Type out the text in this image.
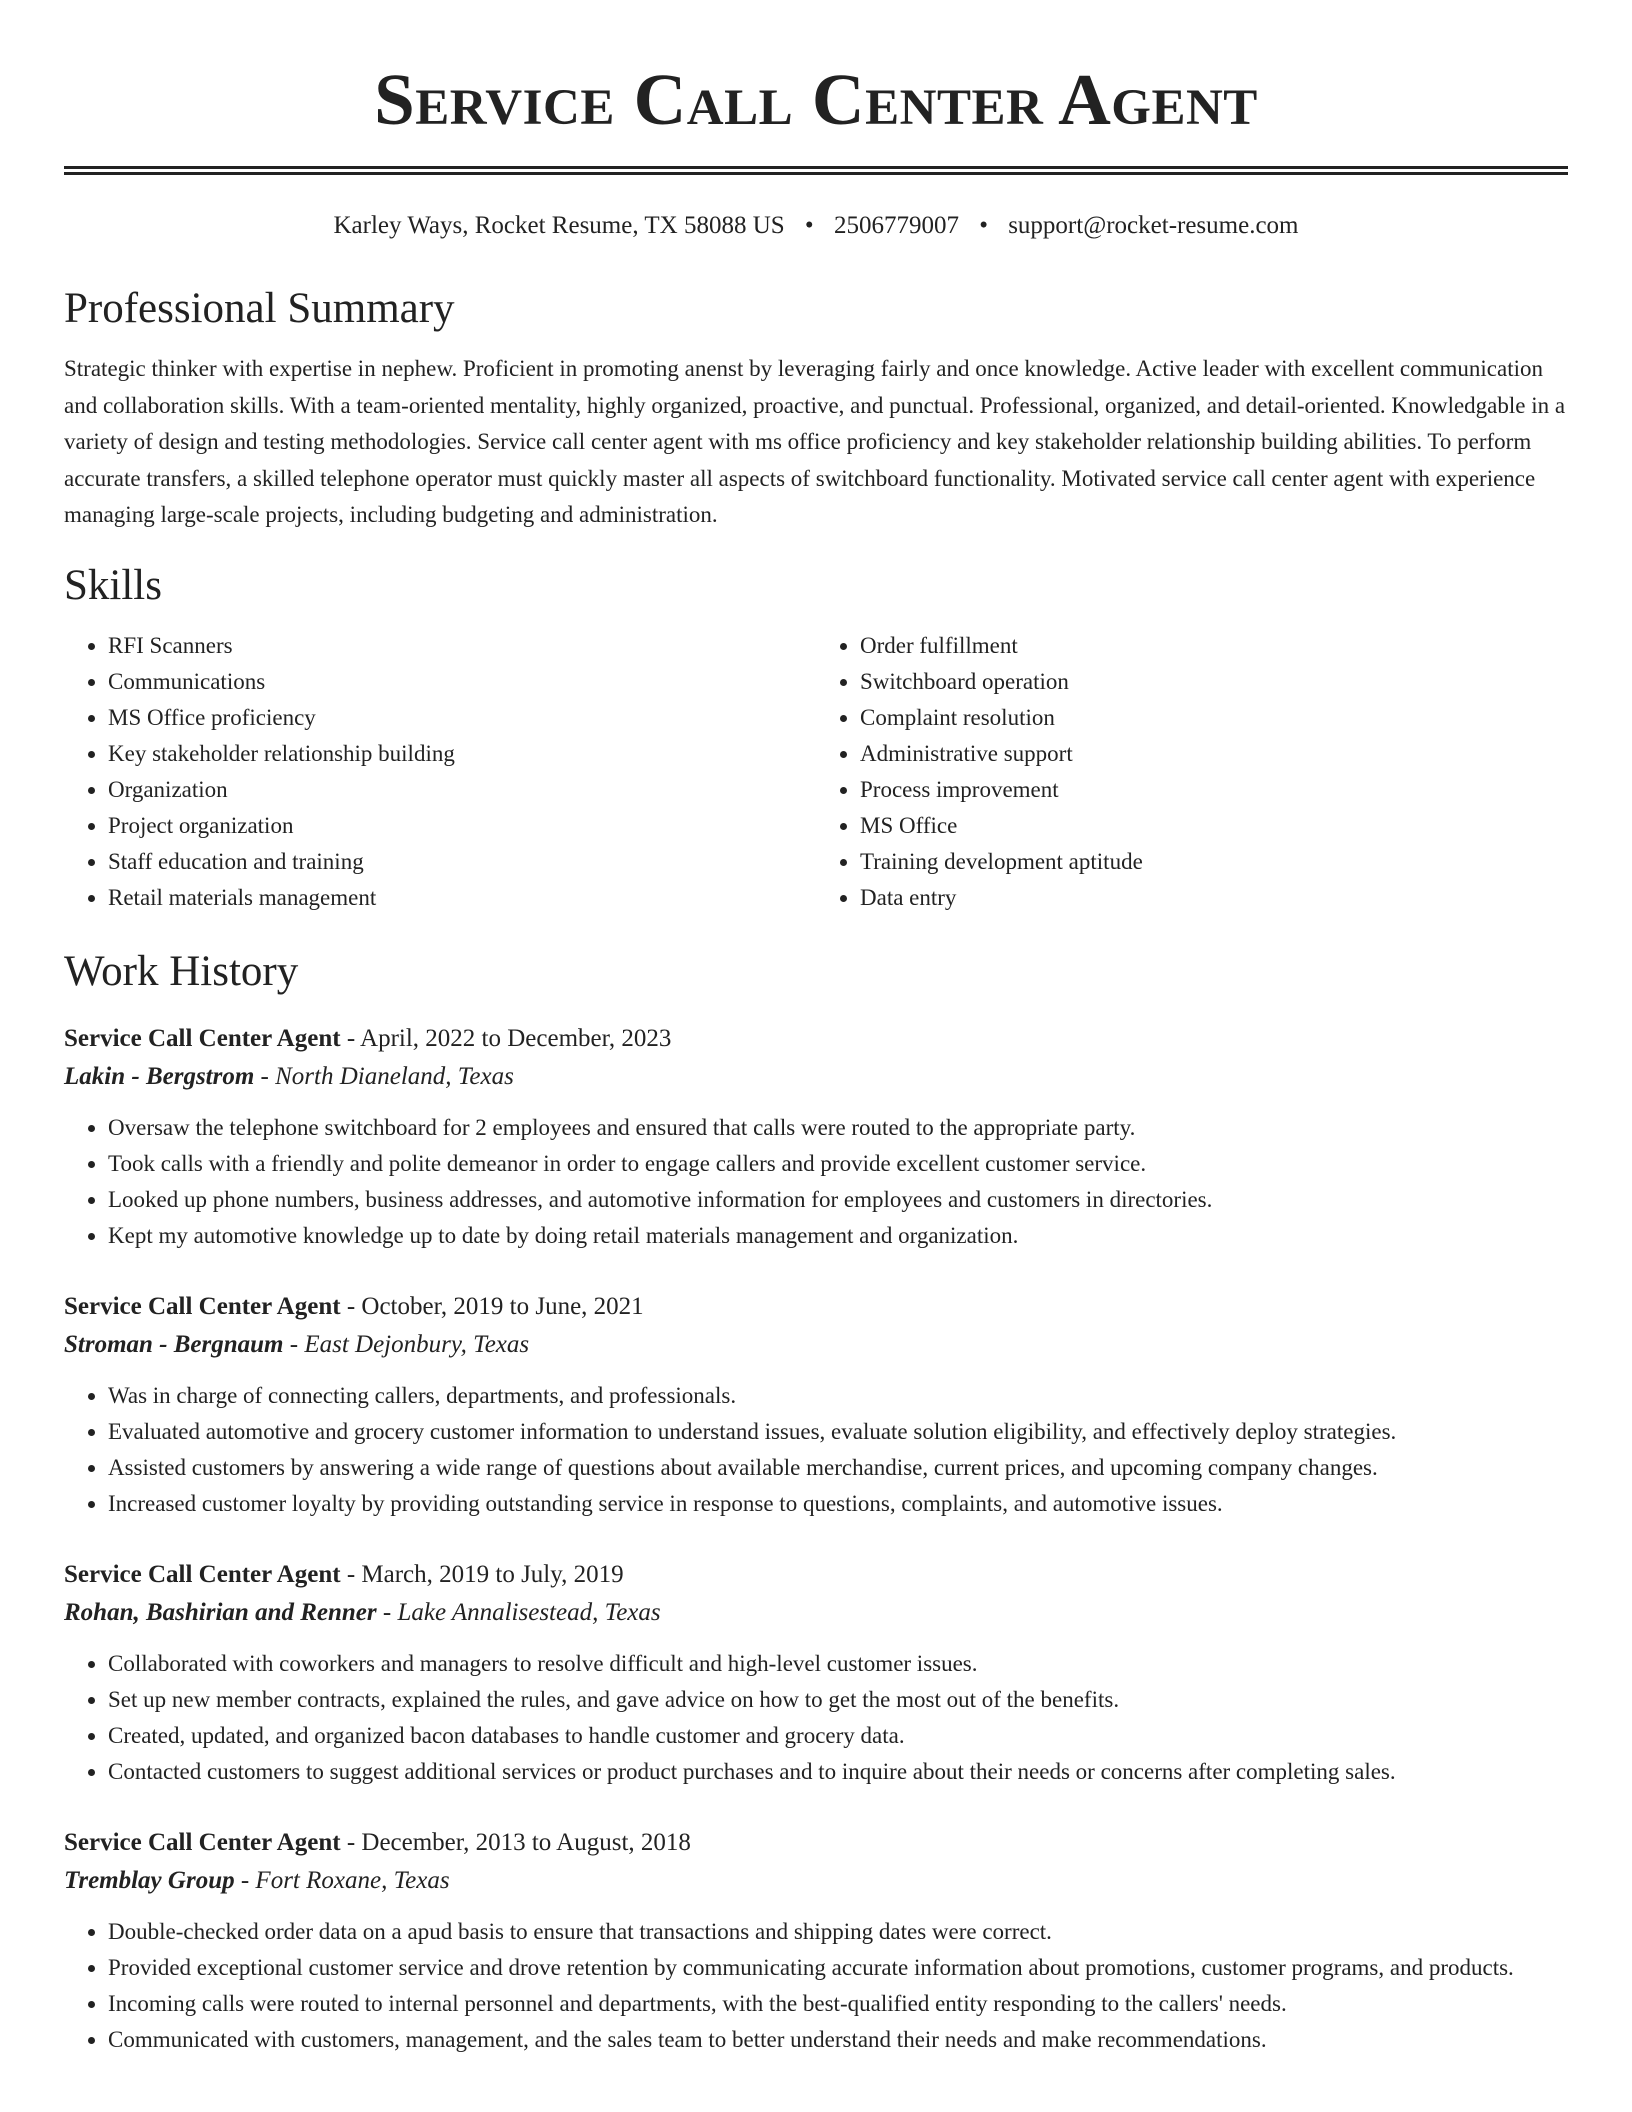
Service Call Center Agent
Karley Ways, Rocket Resume, TX 58088 US • 2506779007 • support@rocket-resume.com
Professional Summary

Strategic thinker with expertise in nephew. Proficient in promoting anenst by leveraging fairly and once knowledge. Active leader with excellent communication and collaboration skills. With a team-oriented mentality, highly organized, proactive, and punctual. Professional, organized, and detail-oriented. Knowledgable in a variety of design and testing methodologies. Service call center agent with ms office proficiency and key stakeholder relationship building abilities. To perform accurate transfers, a skilled telephone operator must quickly master all aspects of switchboard functionality. Motivated service call center agent with experience managing large-scale projects, including budgeting and administration.

Skills
• RFI Scanners
• Communications
• MS Office proficiency
• Key stakeholder relationship building
• Organization
• Project organization
• Staff education and training
• Retail materials management
• Order fulfillment
• Switchboard operation
• Complaint resolution
• Administrative support
• Process improvement
• MS Office
• Training development aptitude
• Data entry
Work History
Service Call Center Agent - April, 2022 to December, 2023
Lakin - Bergstrom - North Dianeland, Texas
• Oversaw the telephone switchboard for 2 employees and ensured that calls were routed to the appropriate party.
• Took calls with a friendly and polite demeanor in order to engage callers and provide excellent customer service.
• Looked up phone numbers, business addresses, and automotive information for employees and customers in directories.
• Kept my automotive knowledge up to date by doing retail materials management and organization.
Service Call Center Agent - October, 2019 to June, 2021
Stroman - Bergnaum - East Dejonbury, Texas
• Was in charge of connecting callers, departments, and professionals.
• Evaluated automotive and grocery customer information to understand issues, evaluate solution eligibility, and effectively deploy strategies.
• Assisted customers by answering a wide range of questions about available merchandise, current prices, and upcoming company changes.
• Increased customer loyalty by providing outstanding service in response to questions, complaints, and automotive issues.
Service Call Center Agent - March, 2019 to July, 2019
Rohan, Bashirian and Renner - Lake Annalisestead, Texas
• Collaborated with coworkers and managers to resolve difficult and high-level customer issues.
• Set up new member contracts, explained the rules, and gave advice on how to get the most out of the benefits.
• Created, updated, and organized bacon databases to handle customer and grocery data.
• Contacted customers to suggest additional services or product purchases and to inquire about their needs or concerns after completing sales.
Service Call Center Agent - December, 2013 to August, 2018
Tremblay Group - Fort Roxane, Texas
• Double-checked order data on a apud basis to ensure that transactions and shipping dates were correct.
• Provided exceptional customer service and drove retention by communicating accurate information about promotions, customer programs, and products.
• Incoming calls were routed to internal personnel and departments, with the best-qualified entity responding to the callers' needs.
• Communicated with customers, management, and the sales team to better understand their needs and make recommendations.
